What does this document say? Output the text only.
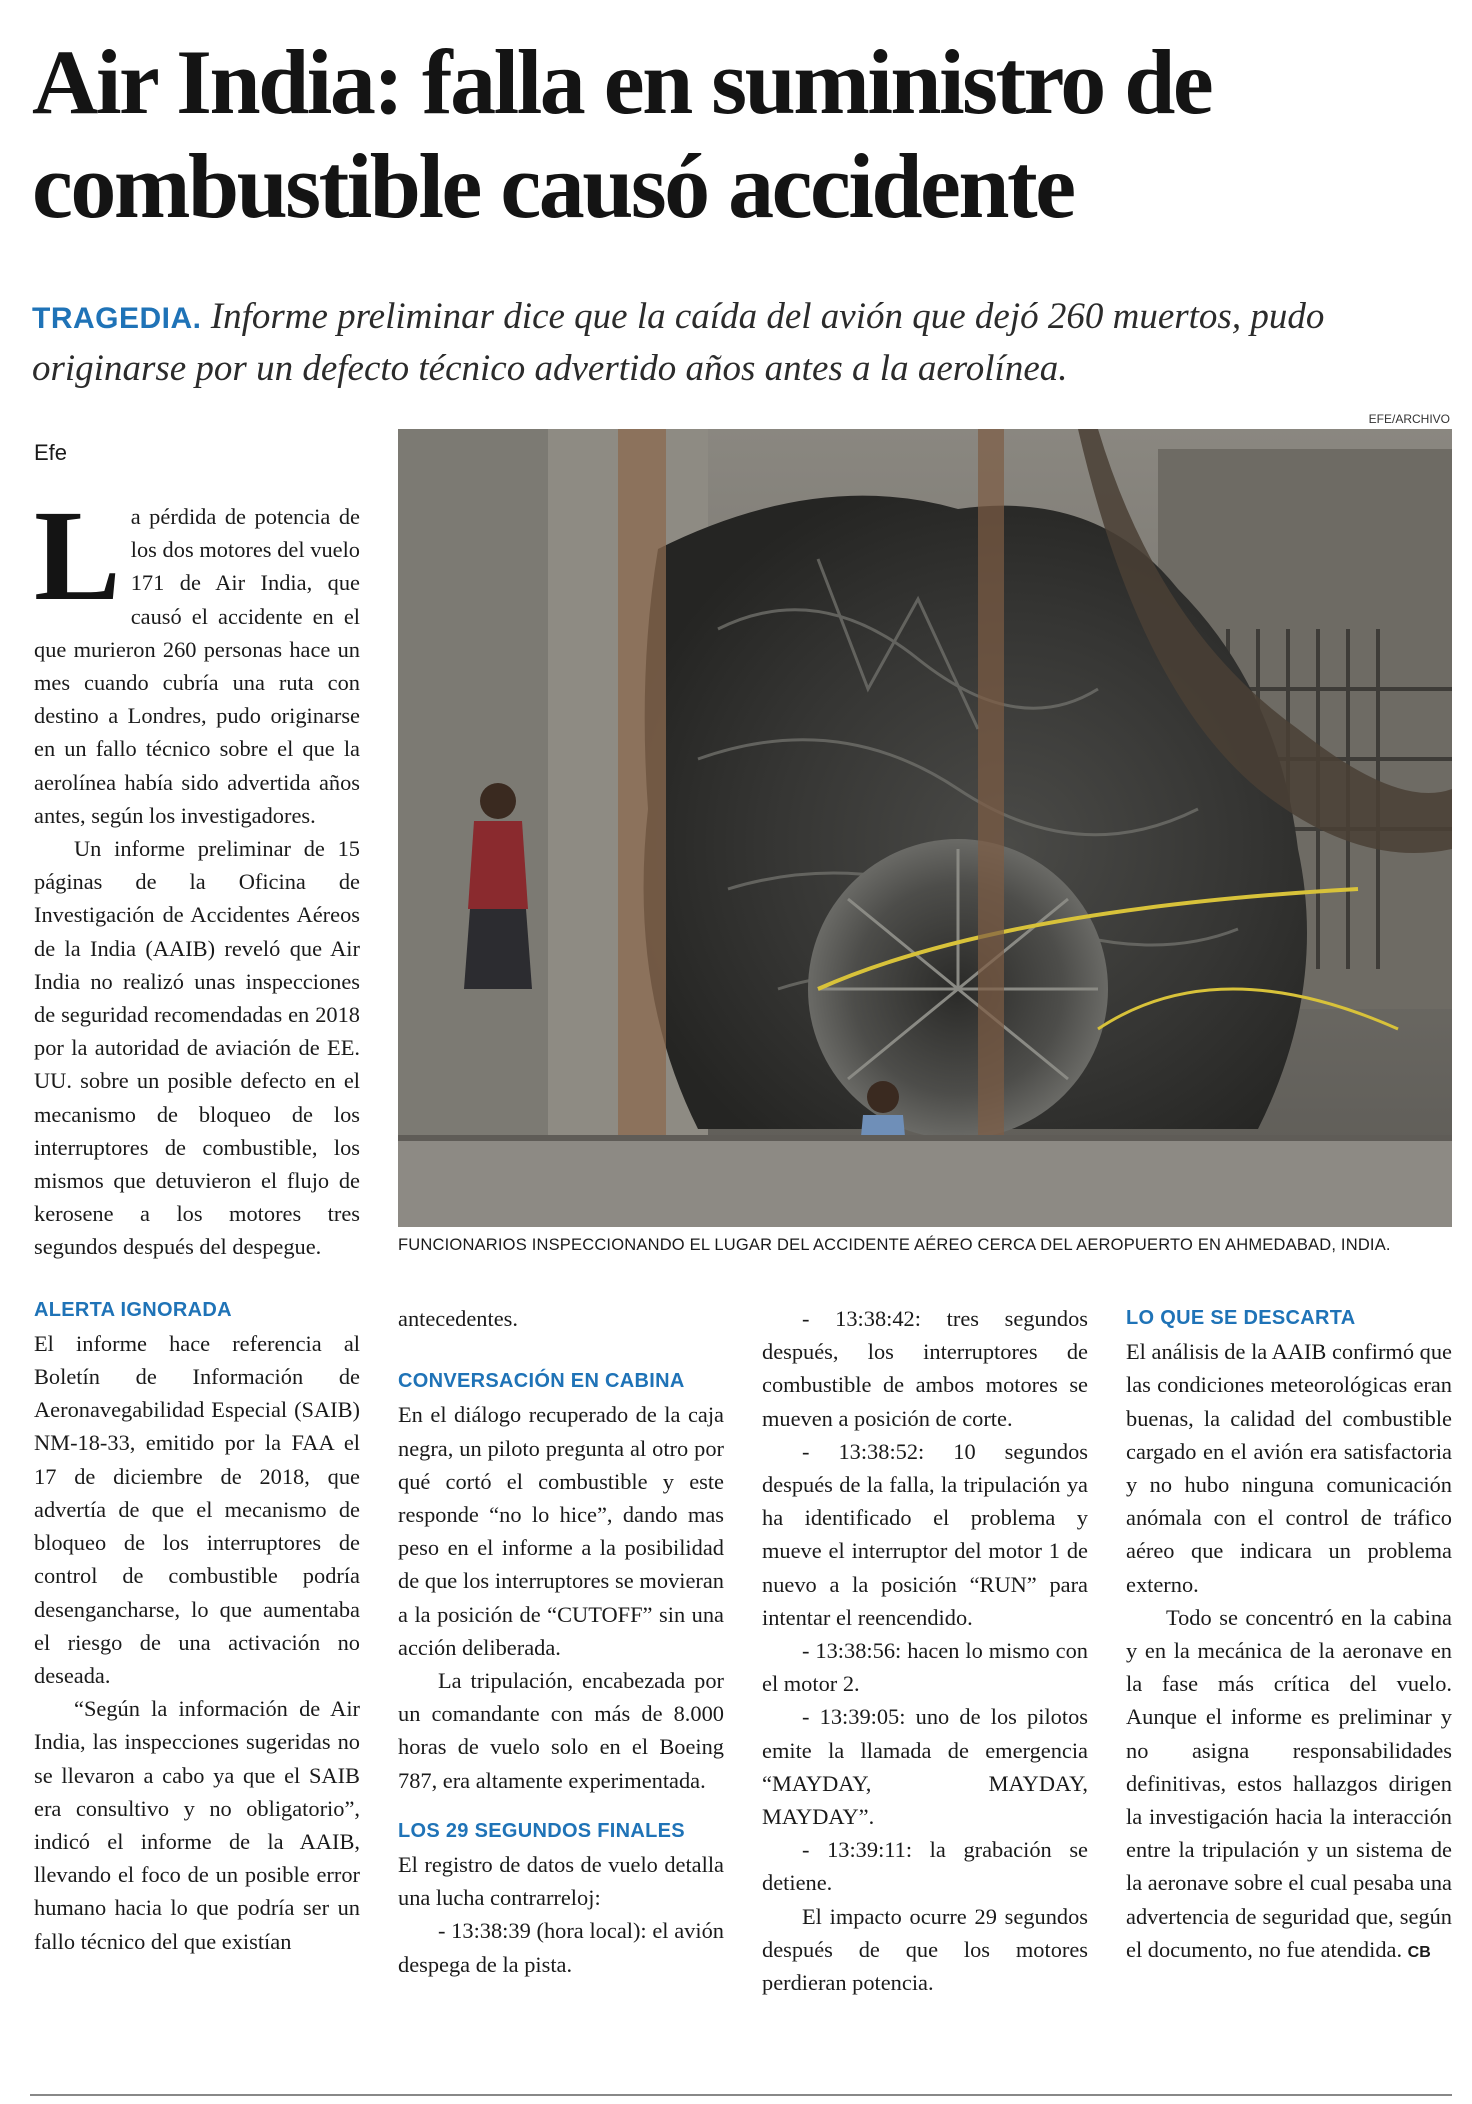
Air India: falla en suministro de combustible causó accidente

TRAGEDIA. Informe preliminar dice que la caída del avión que dejó 260 muertos, pudo originarse por un defecto técnico advertido años antes a la aerolínea.

EFE/ARCHIVO
FUNCIONARIOS INSPECCIONANDO EL LUGAR DEL ACCIDENTE AÉREO CERCA DEL AEROPUERTO EN AHMEDABAD, INDIA.
Efe

La pérdida de potencia de los dos motores del vuelo 171 de Air India, que causó el accidente en el que murieron 260 personas hace un mes cuando cubría una ruta con destino a Londres, pudo originarse en un fallo técnico sobre el que la aerolínea había sido advertida años antes, según los investigadores.

Un informe preliminar de 15 páginas de la Oficina de Investigación de Accidentes Aéreos de la India (AAIB) reveló que Air India no realizó unas inspecciones de seguridad recomendadas en 2018 por la autoridad de aviación de EE. UU. sobre un posible defecto en el mecanismo de bloqueo de los interruptores de combustible, los mismos que detuvieron el flujo de kerosene a los motores tres segundos después del despegue.

ALERTA IGNORADA

El informe hace referencia al Boletín de Información de Aeronavegabilidad Especial (SAIB) NM-18-33, emitido por la FAA el 17 de diciembre de 2018, que advertía de que el mecanismo de bloqueo de los interruptores de control de combustible podría desengancharse, lo que aumentaba el riesgo de una activación no deseada.

“Según la información de Air India, las inspecciones sugeridas no se llevaron a cabo ya que el SAIB era consultivo y no obligatorio”, indicó el informe de la AAIB, llevando el foco de un posible error humano hacia lo que podría ser un fallo técnico del que existían

antecedentes.

CONVERSACIÓN EN CABINA

En el diálogo recuperado de la caja negra, un piloto pregunta al otro por qué cortó el combustible y este responde “no lo hice”, dando mas peso en el informe a la posibilidad de que los interruptores se movieran a la posición de “CUTOFF” sin una acción deliberada.

La tripulación, encabezada por un comandante con más de 8.000 horas de vuelo solo en el Boeing 787, era altamente experimentada.

LOS 29 SEGUNDOS FINALES

El registro de datos de vuelo detalla una lucha contrarreloj:

- 13:38:39 (hora local): el avión despega de la pista.

- 13:38:42: tres segundos después, los interruptores de combustible de ambos motores se mueven a posición de corte.

- 13:38:52: 10 segundos después de la falla, la tripulación ya ha identificado el problema y mueve el interruptor del motor 1 de nuevo a la posición “RUN” para intentar el reencendido.

- 13:38:56: hacen lo mismo con el motor 2.

- 13:39:05: uno de los pilotos emite la llamada de emergencia “MAYDAY, MAYDAY, MAYDAY”.

- 13:39:11: la grabación se detiene.

El impacto ocurre 29 segundos después de que los motores perdieran potencia.

LO QUE SE DESCARTA

El análisis de la AAIB confirmó que las condiciones meteorológicas eran buenas, la calidad del combustible cargado en el avión era satisfactoria y no hubo ninguna comunicación anómala con el control de tráfico aéreo que indicara un problema externo.

Todo se concentró en la cabina y en la mecánica de la aeronave en la fase más crítica del vuelo. Aunque el informe es preliminar y no asigna responsabilidades definitivas, estos hallazgos dirigen la investigación hacia la interacción entre la tripulación y un sistema de la aeronave sobre el cual pesaba una advertencia de seguridad que, según el documento, no fue atendida. CB
